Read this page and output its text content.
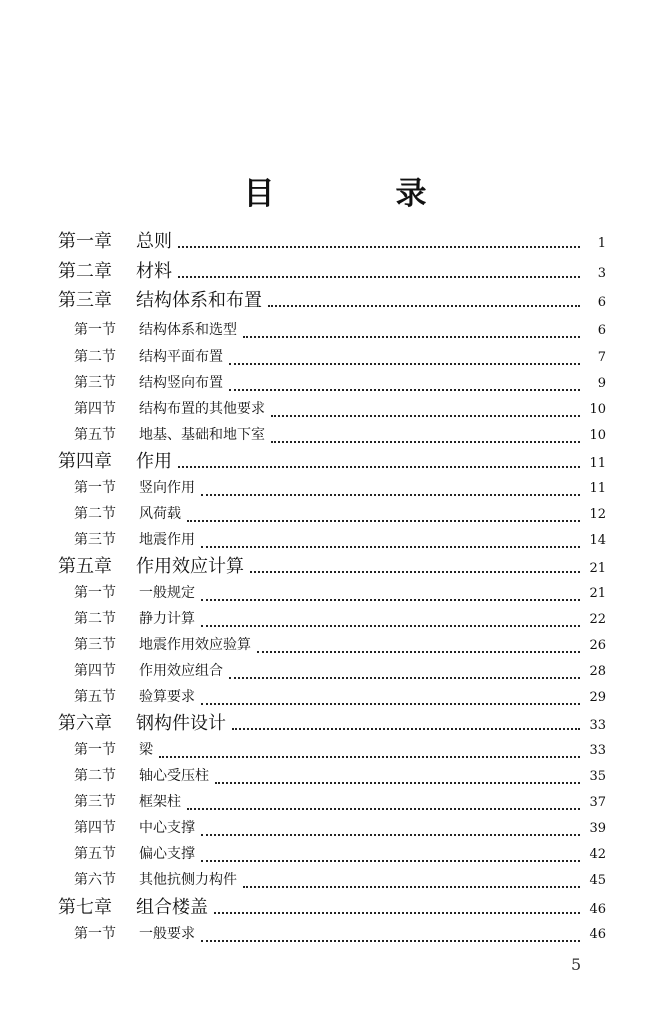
目　录
第一章	总则	1
第二章	材料	3
第三章	结构体系和布置	6
第一节	结构体系和选型	6
第二节	结构平面布置	7
第三节	结构竖向布置	9
第四节	结构布置的其他要求	10
第五节	地基、基础和地下室	10
第四章	作用	11
第一节	竖向作用	11
第二节	风荷载	12
第三节	地震作用	14
第五章	作用效应计算	21
第一节	一般规定	21
第二节	静力计算	22
第三节	地震作用效应验算	26
第四节	作用效应组合	28
第五节	验算要求	29
第六章	钢构件设计	33
第一节	梁	33
第二节	轴心受压柱	35
第三节	框架柱	37
第四节	中心支撑	39
第五节	偏心支撑	42
第六节	其他抗侧力构件	45
第七章	组合楼盖	46
第一节	一般要求	46
5
